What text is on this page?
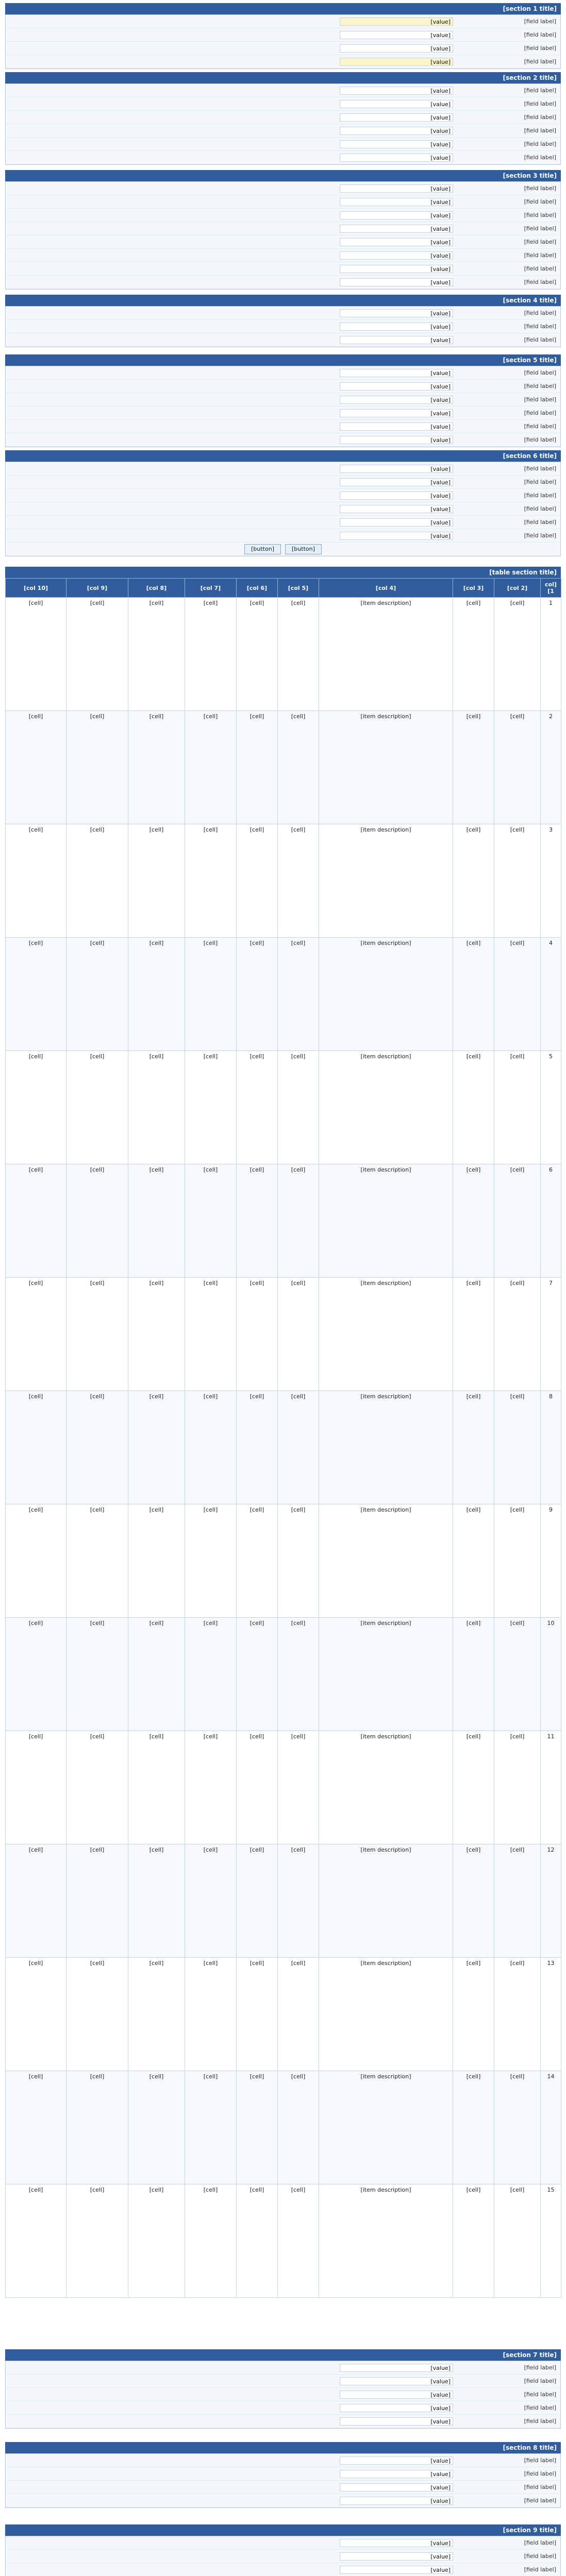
[section 1 title]
[field label]
[value]
[field label]
[value]
[field label]
[value]
[field label]
[value]
[section 2 title]
[field label]
[value]
[field label]
[value]
[field label]
[value]
[field label]
[value]
[field label]
[value]
[field label]
[value]
[section 3 title]
[field label]
[value]
[field label]
[value]
[field label]
[value]
[field label]
[value]
[field label]
[value]
[field label]
[value]
[field label]
[value]
[field label]
[value]
[section 4 title]
[field label]
[value]
[field label]
[value]
[field label]
[value]
[section 5 title]
[field label]
[value]
[field label]
[value]
[field label]
[value]
[field label]
[value]
[field label]
[value]
[field label]
[value]
[section 6 title]
[field label]
[value]
[field label]
[value]
[field label]
[value]
[field label]
[value]
[field label]
[value]
[field label]
[value]
[button]
[button]
[table section title]
[col 1]	[col 2]	[col 3]	[col 4]	[col 5]	[col 6]	[col 7]	[col 8]	[col 9]	[col 10]
1	[cell]	[cell]	[item description]	[cell]	[cell]	[cell]	[cell]	[cell]	[cell]
2	[cell]	[cell]	[item description]	[cell]	[cell]	[cell]	[cell]	[cell]	[cell]
3	[cell]	[cell]	[item description]	[cell]	[cell]	[cell]	[cell]	[cell]	[cell]
4	[cell]	[cell]	[item description]	[cell]	[cell]	[cell]	[cell]	[cell]	[cell]
5	[cell]	[cell]	[item description]	[cell]	[cell]	[cell]	[cell]	[cell]	[cell]
6	[cell]	[cell]	[item description]	[cell]	[cell]	[cell]	[cell]	[cell]	[cell]
7	[cell]	[cell]	[item description]	[cell]	[cell]	[cell]	[cell]	[cell]	[cell]
8	[cell]	[cell]	[item description]	[cell]	[cell]	[cell]	[cell]	[cell]	[cell]
9	[cell]	[cell]	[item description]	[cell]	[cell]	[cell]	[cell]	[cell]	[cell]
10	[cell]	[cell]	[item description]	[cell]	[cell]	[cell]	[cell]	[cell]	[cell]
11	[cell]	[cell]	[item description]	[cell]	[cell]	[cell]	[cell]	[cell]	[cell]
12	[cell]	[cell]	[item description]	[cell]	[cell]	[cell]	[cell]	[cell]	[cell]
13	[cell]	[cell]	[item description]	[cell]	[cell]	[cell]	[cell]	[cell]	[cell]
14	[cell]	[cell]	[item description]	[cell]	[cell]	[cell]	[cell]	[cell]	[cell]
15	[cell]	[cell]	[item description]	[cell]	[cell]	[cell]	[cell]	[cell]	[cell]
[section 7 title]
[field label]
[value]
[field label]
[value]
[field label]
[value]
[field label]
[value]
[field label]
[value]
[section 8 title]
[field label]
[value]
[field label]
[value]
[field label]
[value]
[field label]
[value]
[section 9 title]
[field label]
[value]
[field label]
[value]
[field label]
[value]
